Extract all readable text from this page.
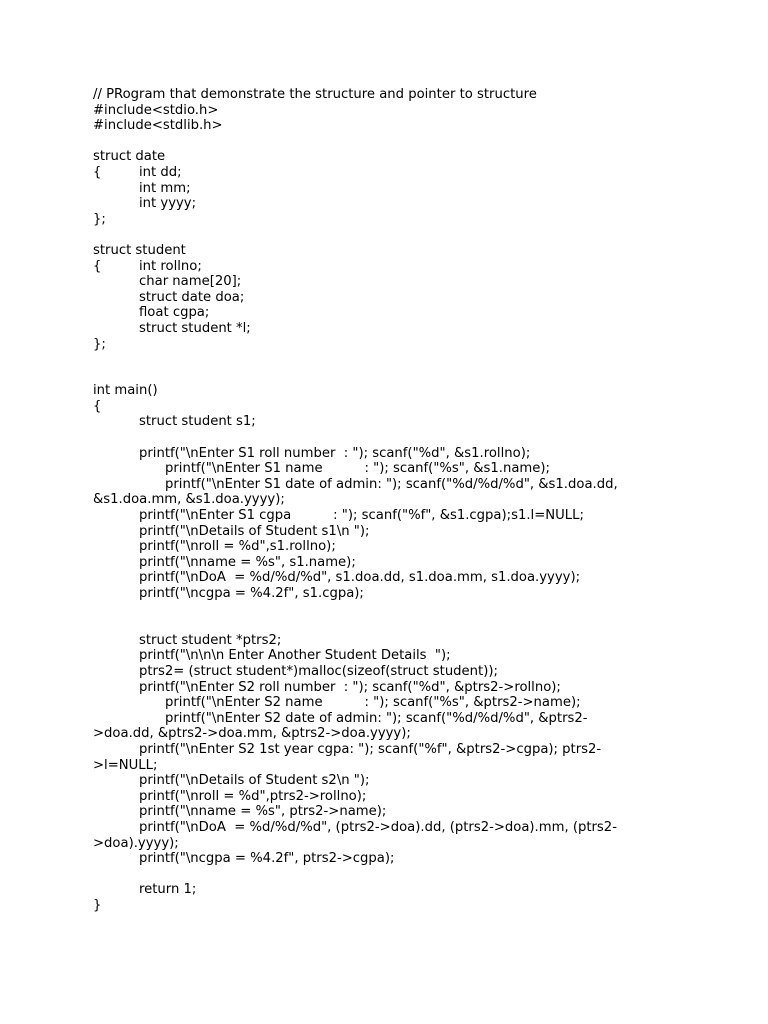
// PRogram that demonstrate the structure and pointer to structure
#include<stdio.h>
#include<stdlib.h>
struct date
{	int dd;
int mm;
int yyyy;
};
struct student
{	int rollno;
char name[20];
struct date doa;
float cgpa;
struct student *l;
};
int main()
{
struct student s1;
printf("\nEnter S1 roll number  : "); scanf("%d", &s1.rollno);
printf("\nEnter S1 name          : "); scanf("%s", &s1.name);
printf("\nEnter S1 date of admin: "); scanf("%d/%d/%d", &s1.doa.dd,
&s1.doa.mm, &s1.doa.yyyy);
printf("\nEnter S1 cgpa          : "); scanf("%f", &s1.cgpa);s1.l=NULL;
printf("\nDetails of Student s1\n ");
printf("\nroll = %d",s1.rollno);
printf("\nname = %s", s1.name);
printf("\nDoA  = %d/%d/%d", s1.doa.dd, s1.doa.mm, s1.doa.yyyy);
printf("\ncgpa = %4.2f", s1.cgpa);
struct student *ptrs2;
printf("\n\n\n Enter Another Student Details  ");
ptrs2= (struct student*)malloc(sizeof(struct student));
printf("\nEnter S2 roll number  : "); scanf("%d", &ptrs2->rollno);
printf("\nEnter S2 name          : "); scanf("%s", &ptrs2->name);
printf("\nEnter S2 date of admin: "); scanf("%d/%d/%d", &ptrs2-
>doa.dd, &ptrs2->doa.mm, &ptrs2->doa.yyyy);
printf("\nEnter S2 1st year cgpa: "); scanf("%f", &ptrs2->cgpa); ptrs2-
>l=NULL;
printf("\nDetails of Student s2\n ");
printf("\nroll = %d",ptrs2->rollno);
printf("\nname = %s", ptrs2->name);
printf("\nDoA  = %d/%d/%d", (ptrs2->doa).dd, (ptrs2->doa).mm, (ptrs2-
>doa).yyyy);
printf("\ncgpa = %4.2f", ptrs2->cgpa);
return 1;
}
